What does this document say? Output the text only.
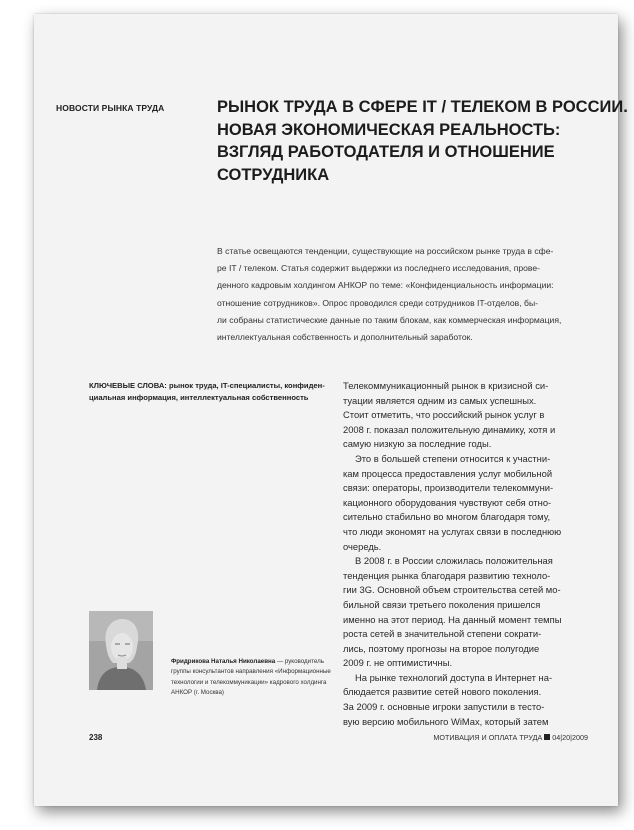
НОВОСТИ РЫНКА ТРУДА	РЫНОК ТРУДА В СФЕРЕ IT / ТЕЛЕКОМ В РОССИИ.
НОВАЯ ЭКОНОМИЧЕСКАЯ РЕАЛЬНОСТЬ:
ВЗГЛЯД РАБОТОДАТЕЛЯ И ОТНОШЕНИЕ
СОТРУДНИКА
В статье освещаются тенденции, существующие на российском рынке труда в сфе-
ре IT / телеком. Статья содержит выдержки из последнего исследования, прове-
денного кадровым холдингом АНКОР по теме: «Конфиденциальность информации:
отношение сотрудников». Опрос проводился среди сотрудников IT-отделов, бы-
ли собраны статистические данные по таким блокам, как коммерческая информация,
интеллектуальная собственность и дополнительный заработок.
КЛЮЧЕВЫЕ СЛОВА: рынок труда, IT-специалисты, конфиден-
циальная информация, интеллектуальная собственность
Телекоммуникационный рынок в кризисной си-
туации является одним из самых успешных.
Стоит отметить, что российский рынок услуг в
2008 г. показал положительную динамику, хотя и
самую низкую за последние годы.
Это в большей степени относится к участни-
кам процесса предоставления услуг мобильной
связи: операторы, производители телекоммуни-
кационного оборудования чувствуют себя отно-
сительно стабильно во многом благодаря тому,
что люди экономят на услугах связи в последнюю
очередь.
В 2008 г. в России сложилась положительная
тенденция рынка благодаря развитию техноло-
гии 3G. Основной объем строительства сетей мо-
бильной связи третьего поколения пришелся
именно на этот период. На данный момент темпы
роста сетей в значительной степени сократи-
лись, поэтому прогнозы на второе полугодие
2009 г. не оптимистичны.
На рынке технологий доступа в Интернет на-
блюдается развитие сетей нового поколения.
За 2009 г. основные игроки запустили в тесто-
вую версию мобильного WiMax, который затем
Фридрикова Наталья Николаевна — руководитель
группы консультантов направления «Информационные
технологии и телекоммуникации» кадрового холдинга
АНКОР (г. Москва)
238	МОТИВАЦИЯ И ОПЛАТА ТРУДА 04|20|2009
